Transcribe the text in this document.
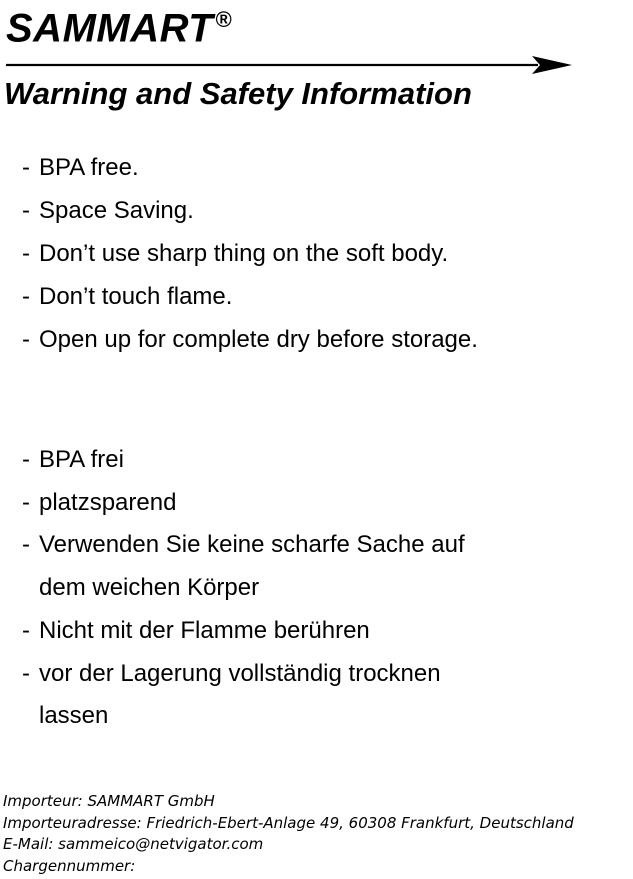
SAMMART®
Warning and Safety Information
- BPA free.
- Space Saving.
- Don’t use sharp thing on the soft body.
- Don’t touch flame.
- Open up for complete dry before storage.
- BPA frei
- platzsparend
- Verwenden Sie keine scharfe Sache auf
dem weichen Körper
- Nicht mit der Flamme berühren
- vor der Lagerung vollständig trocknen
lassen
Importeur: SAMMART GmbH
Importeuradresse: Friedrich-Ebert-Anlage 49, 60308 Frankfurt, Deutschland
E-Mail: sammeico@netvigator.com
Chargennummer:
